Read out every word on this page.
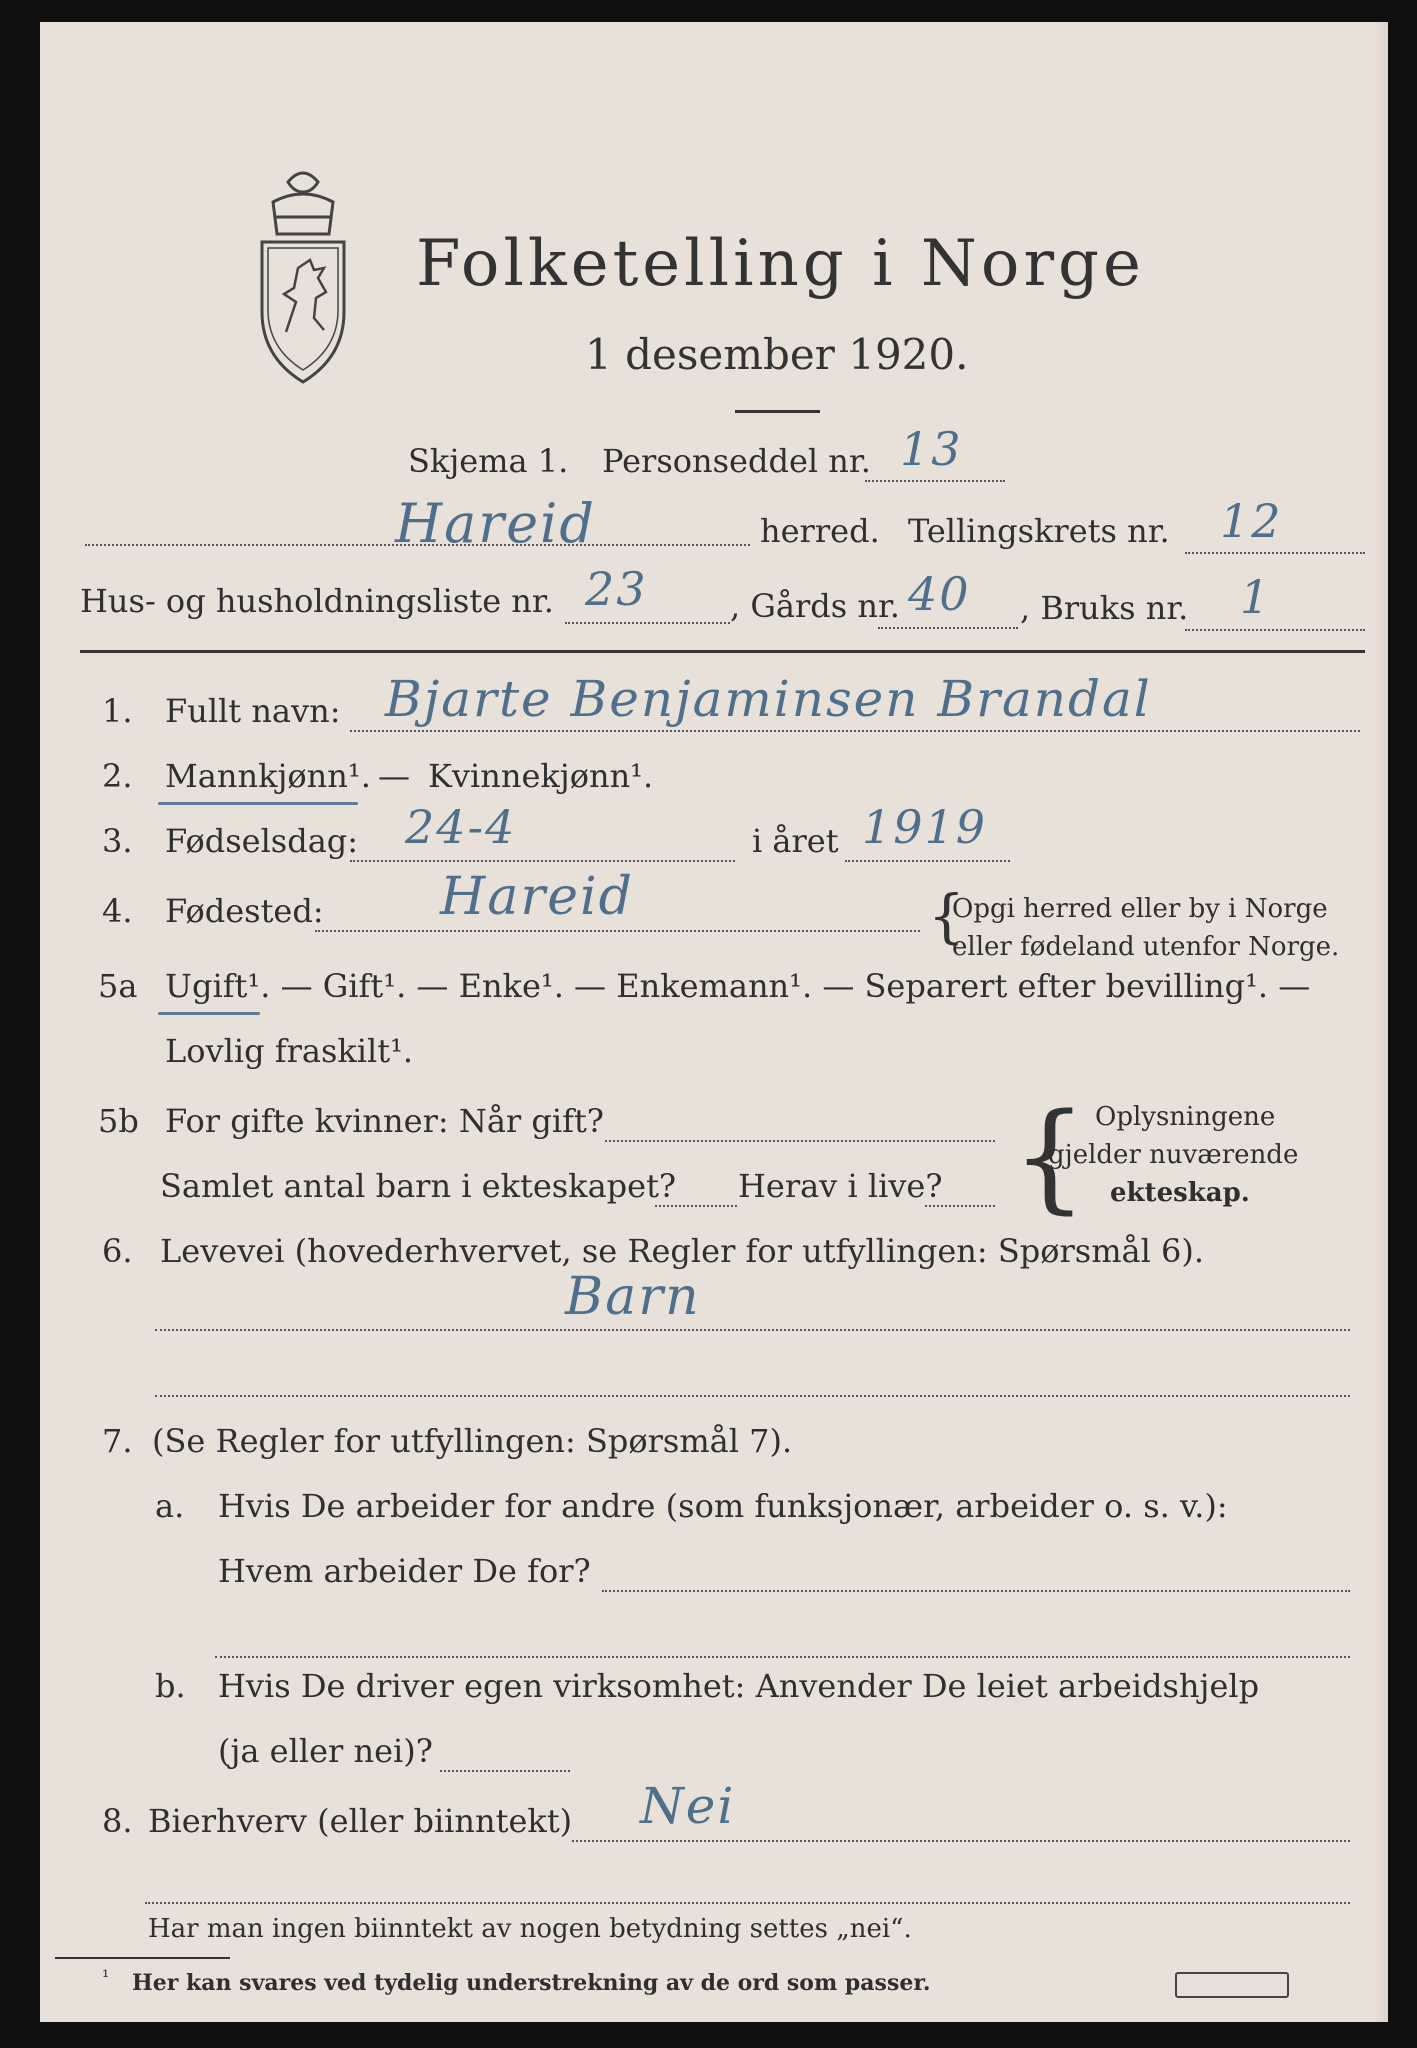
Folketelling i Norge
1 desember 1920.
Skjema 1. Personseddel nr. 13
Hareid	herred. Tellingskrets nr. 12
Hus- og husholdningsliste nr. 23	, Gårds nr. 40 , Bruks nr. 1
1. Fullt navn: Bjarte Benjaminsen Brandal
2. Mannkjønn¹. — Kvinnekjønn¹.
3. Fødselsdag: 24-4	i året 1919
4. Fødested: Hareid	{
Opgi herred eller by i Norge
eller fødeland utenfor Norge.
5a Ugift¹. — Gift¹. — Enke¹. — Enkemann¹. — Separert efter bevilling¹. —
Lovlig fraskilt¹.
5b For gifte kvinner: Når gift?
Samlet antal barn i ekteskapet? Herav i live? { Oplysningene
gjelder nuværende
ekteskap.
6. Levevei (hovederhvervet, se Regler for utfyllingen: Spørsmål 6).
Barn
7. (Se Regler for utfyllingen: Spørsmål 7).
a. Hvis De arbeider for andre (som funksjonær, arbeider o. s. v.):
Hvem arbeider De for?
b. Hvis De driver egen virksomhet: Anvender De leiet arbeidshjelp
(ja eller nei)?
8. Bierhverv (eller biinntekt) Nei
Har man ingen biinntekt av nogen betydning settes „nei“.
¹ Her kan svares ved tydelig understrekning av de ord som passer.
